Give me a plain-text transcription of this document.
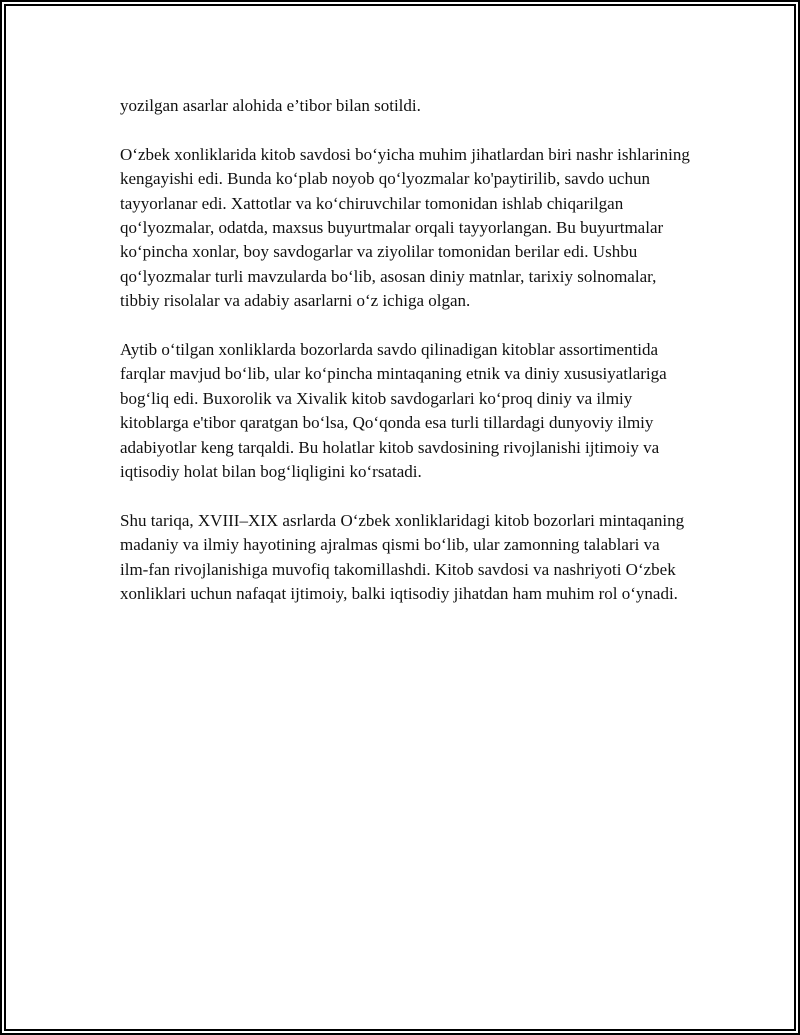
yozilgan asarlar alohida e’tibor bilan sotildi.

O‘zbek xonliklarida kitob savdosi bo‘yicha muhim jihatlardan biri nashr ishlarining kengayishi edi. Bunda ko‘plab noyob qo‘lyozmalar ko'paytirilib, savdo uchun tayyorlanar edi. Xattotlar va ko‘chiruvchilar tomonidan ishlab chiqarilgan qo‘lyozmalar, odatda, maxsus buyurtmalar orqali tayyorlangan. Bu buyurtmalar ko‘pincha xonlar, boy savdogarlar va ziyolilar tomonidan berilar edi. Ushbu qo‘lyozmalar turli mavzularda bo‘lib, asosan diniy matnlar, tarixiy solnomalar, tibbiy risolalar va adabiy asarlarni o‘z ichiga olgan.

Aytib o‘tilgan xonliklarda bozorlarda savdo qilinadigan kitoblar assortimentida farqlar mavjud bo‘lib, ular ko‘pincha mintaqaning etnik va diniy xususiyatlariga bog‘liq edi. Buxorolik va Xivalik kitob savdogarlari ko‘proq diniy va ilmiy kitoblarga e'tibor qaratgan bo‘lsa, Qo‘qonda esa turli tillardagi dunyoviy ilmiy adabiyotlar keng tarqaldi. Bu holatlar kitob savdosining rivojlanishi ijtimoiy va iqtisodiy holat bilan bog‘liqligini ko‘rsatadi.

Shu tariqa, XVIII–XIX asrlarda O‘zbek xonliklaridagi kitob bozorlari mintaqaning madaniy va ilmiy hayotining ajralmas qismi bo‘lib, ular zamonning talablari va ilm-fan rivojlanishiga muvofiq takomillashdi. Kitob savdosi va nashriyoti O‘zbek xonliklari uchun nafaqat ijtimoiy, balki iqtisodiy jihatdan ham muhim rol o‘ynadi.
